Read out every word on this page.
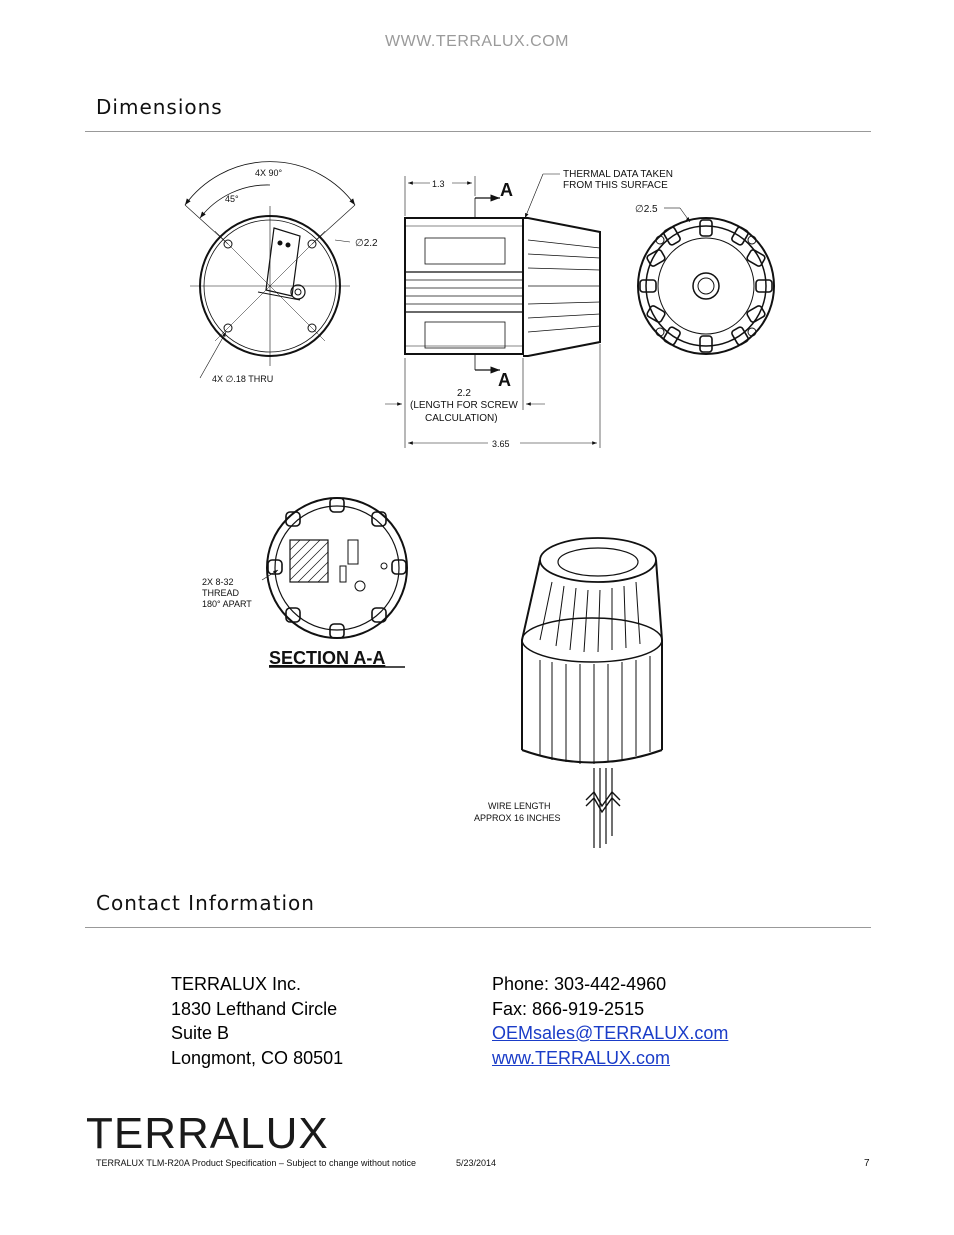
WWW.TERRALUX.COM
Dimensions
4X 90°
45°
∅2.2
4X ∅.18 THRU
1.3	A
A
THERMAL DATA TAKEN
FROM THIS SURFACE
2.2
(LENGTH FOR SCREW
CALCULATION)
3.65
∅2.5
2X 8-32
THREAD
180° APART
SECTION A-A
WIRE LENGTH
APPROX 16 INCHES
Contact Information
TERRALUX Inc.
1830 Lefthand Circle
Suite B
Longmont, CO 80501
Phone: 303-442-4960
Fax: 866-919-2515
OEMsales@TERRALUX.com
www.TERRALUX.com
TERRALUX
TERRALUX TLM-R20A Product Specification – Subject to change without notice	5/23/2014	7
